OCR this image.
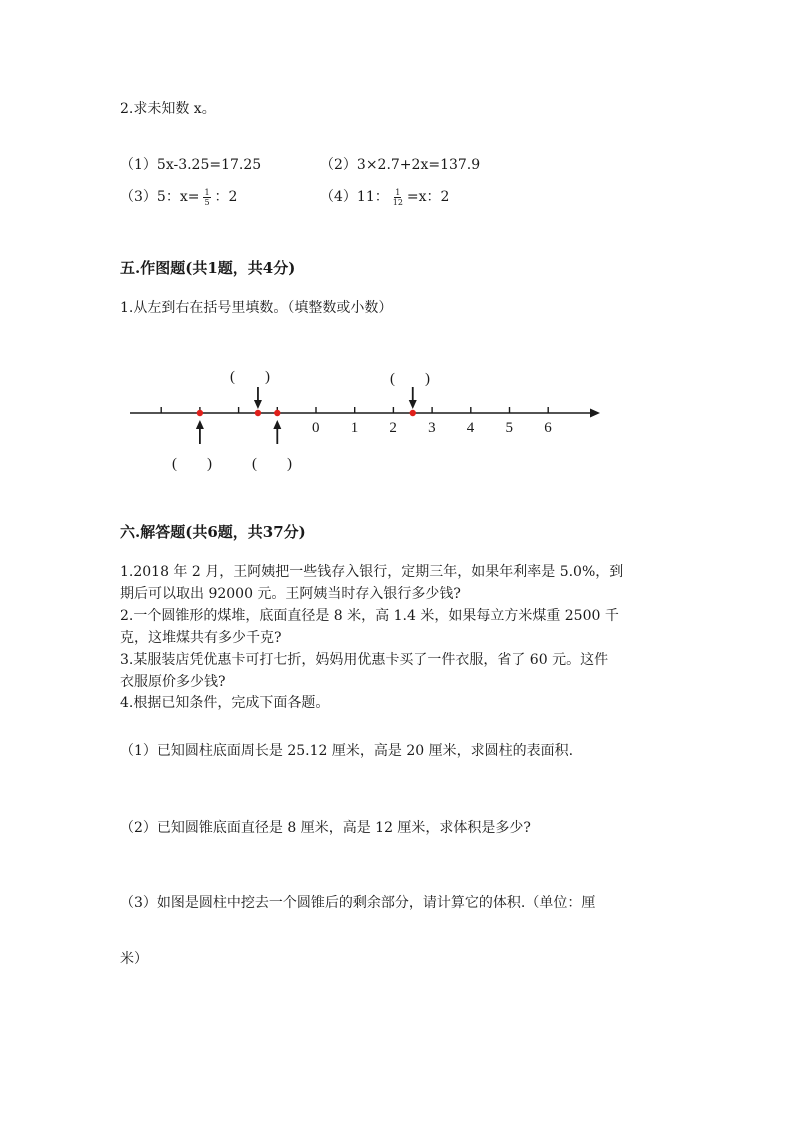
2.求未知数 x。
（1）5x-3.25=17.25	（2）3×2.7+2x=137.9
（3）5：$x= \frac{1}{5}$ ：2	（4）11： $\frac{1}{12} =x$：2
五.作图题(共1题，共4分)
1.从左到右在括号里填数。（填整数或小数）
0 1 2 3 4 5 6
(　　)	(　　)
(　　)	(　　)
六.解答题(共6题，共37分)
1.2018 年 2 月，王阿姨把一些钱存入银行，定期三年，如果年利率是 5.0%，到
期后可以取出 92000 元。王阿姨当时存入银行多少钱?
2.一个圆锥形的煤堆，底面直径是 8 米，高 1.4 米，如果每立方米煤重 2500 千
克，这堆煤共有多少千克?
3.某服装店凭优惠卡可打七折，妈妈用优惠卡买了一件衣服，省了 60 元。这件
衣服原价多少钱?
4.根据已知条件，完成下面各题。
（1）已知圆柱底面周长是 25.12 厘米，高是 20 厘米，求圆柱的表面积.
（2）已知圆锥底面直径是 8 厘米，高是 12 厘米，求体积是多少?
（3）如图是圆柱中挖去一个圆锥后的剩余部分，请计算它的体积.（单位：厘
米）
